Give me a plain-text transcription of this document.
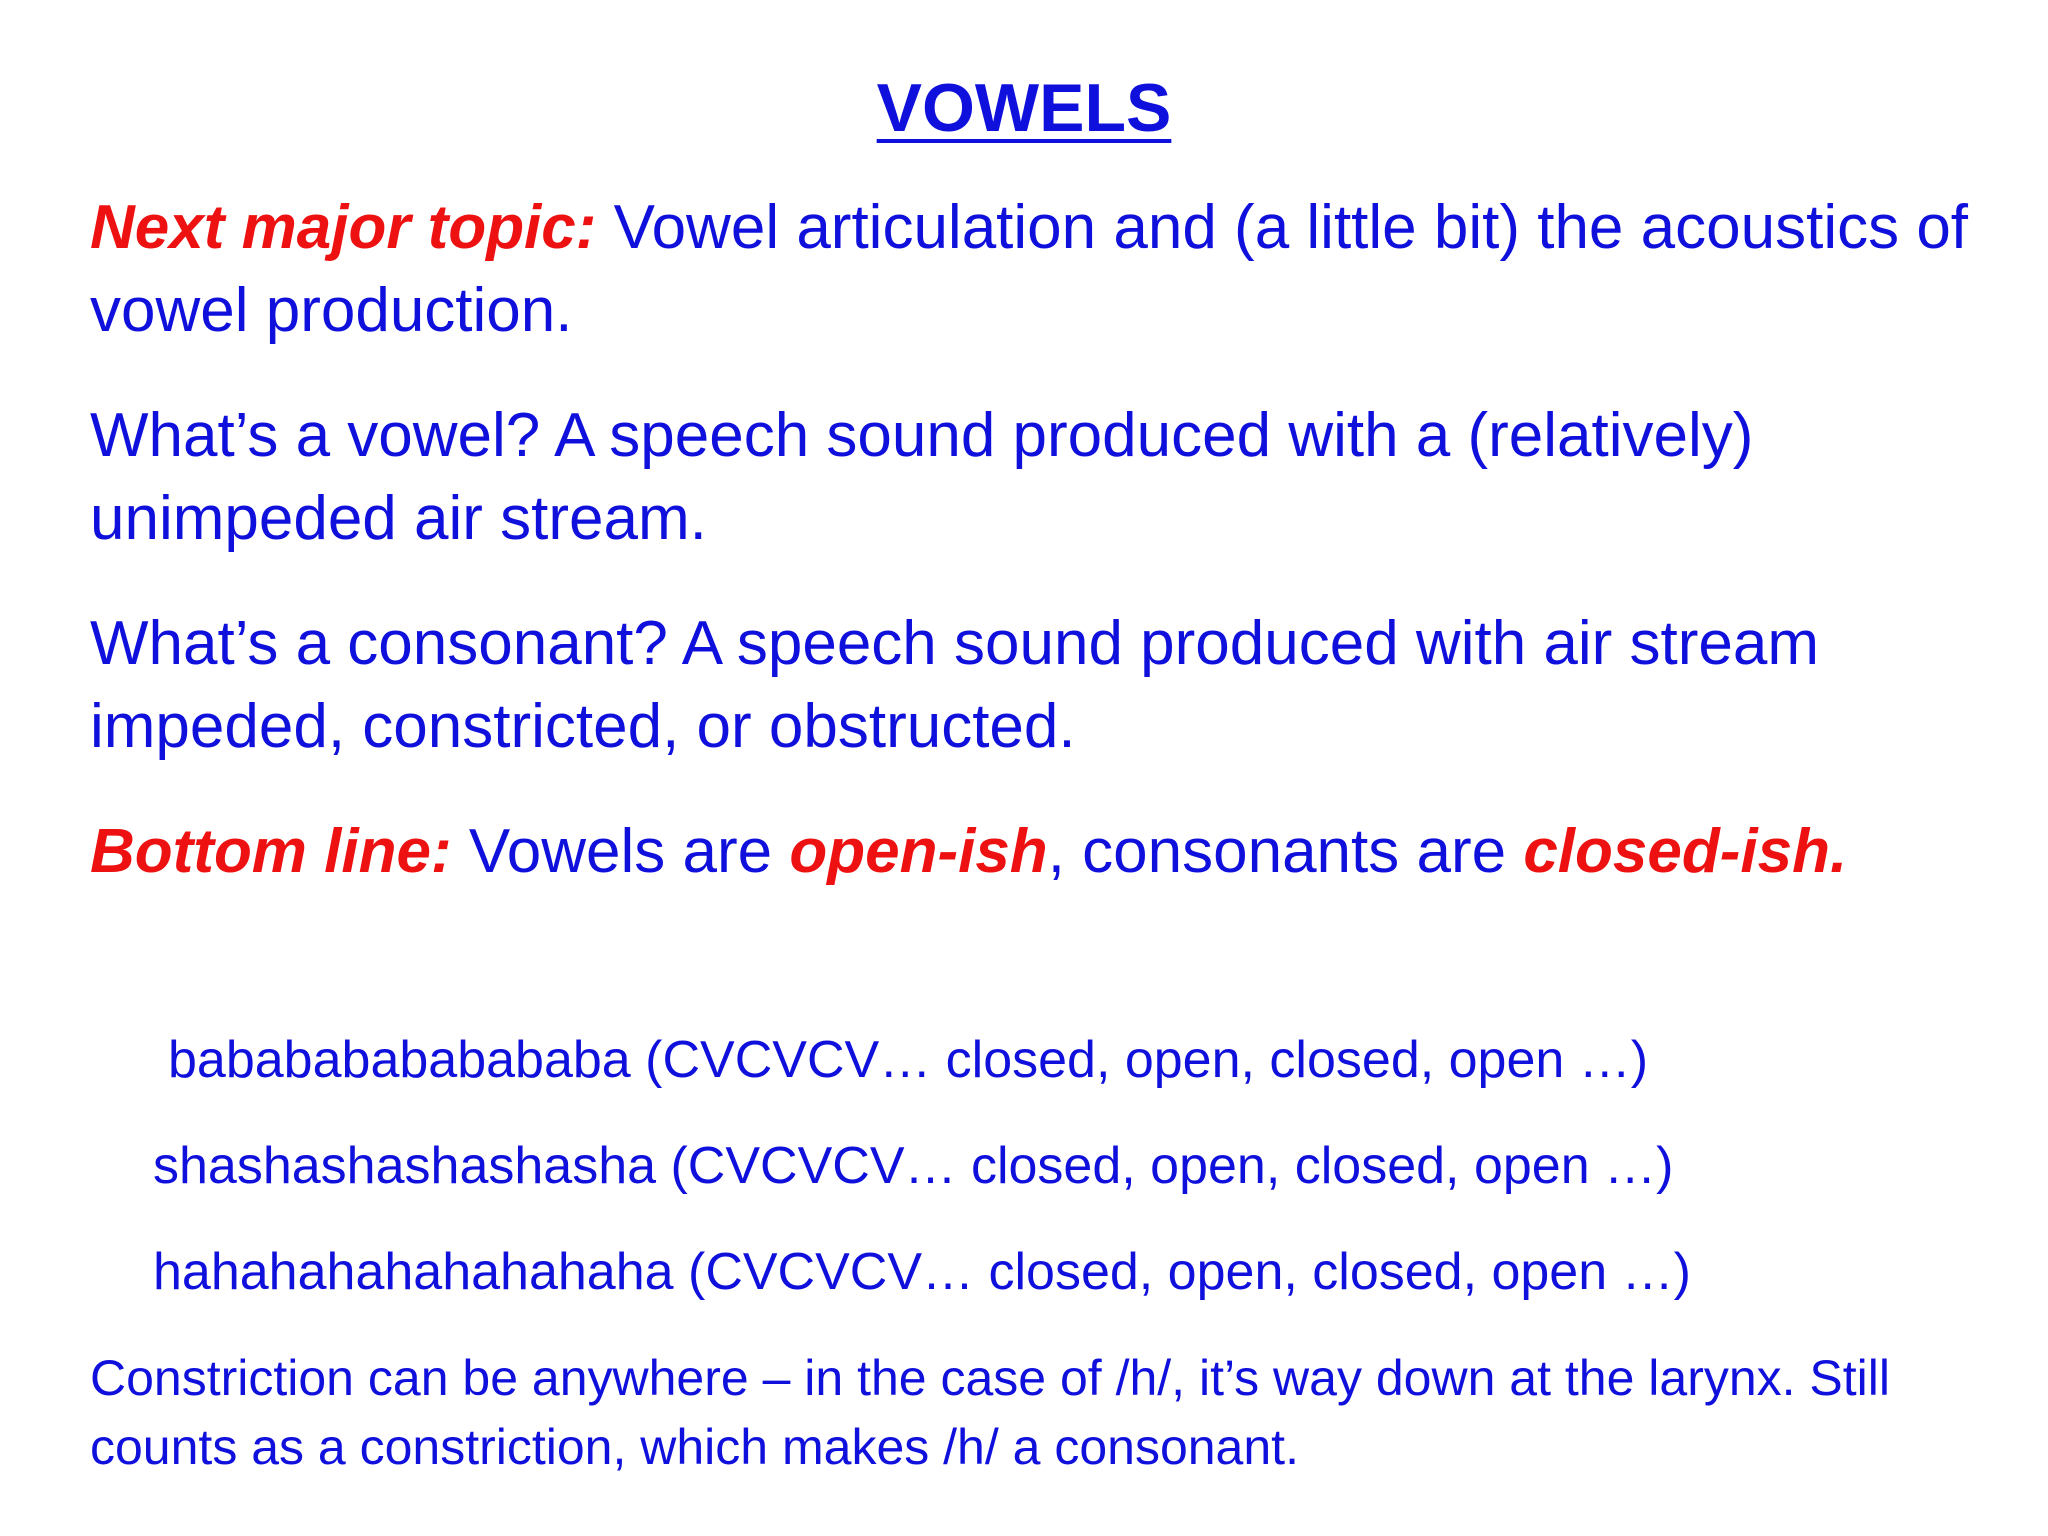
VOWELS
Next major topic: Vowel articulation and (a little bit) the acoustics of vowel production.
What’s a vowel? A speech sound produced with a (relatively) unimpeded air stream.
What’s a consonant? A speech sound produced with air stream impeded, constricted, or obstructed.
Bottom line: Vowels are open-ish, consonants are closed-ish.
babababababababa (CVCVCV… closed, open, closed, open …)
shashashashashasha (CVCVCV… closed, open, closed, open …)
hahahahahahahahaha (CVCVCV… closed, open, closed, open …)
Constriction can be anywhere – in the case of /h/, it’s way down at the larynx. Still counts as a constriction, which makes /h/ a consonant.
